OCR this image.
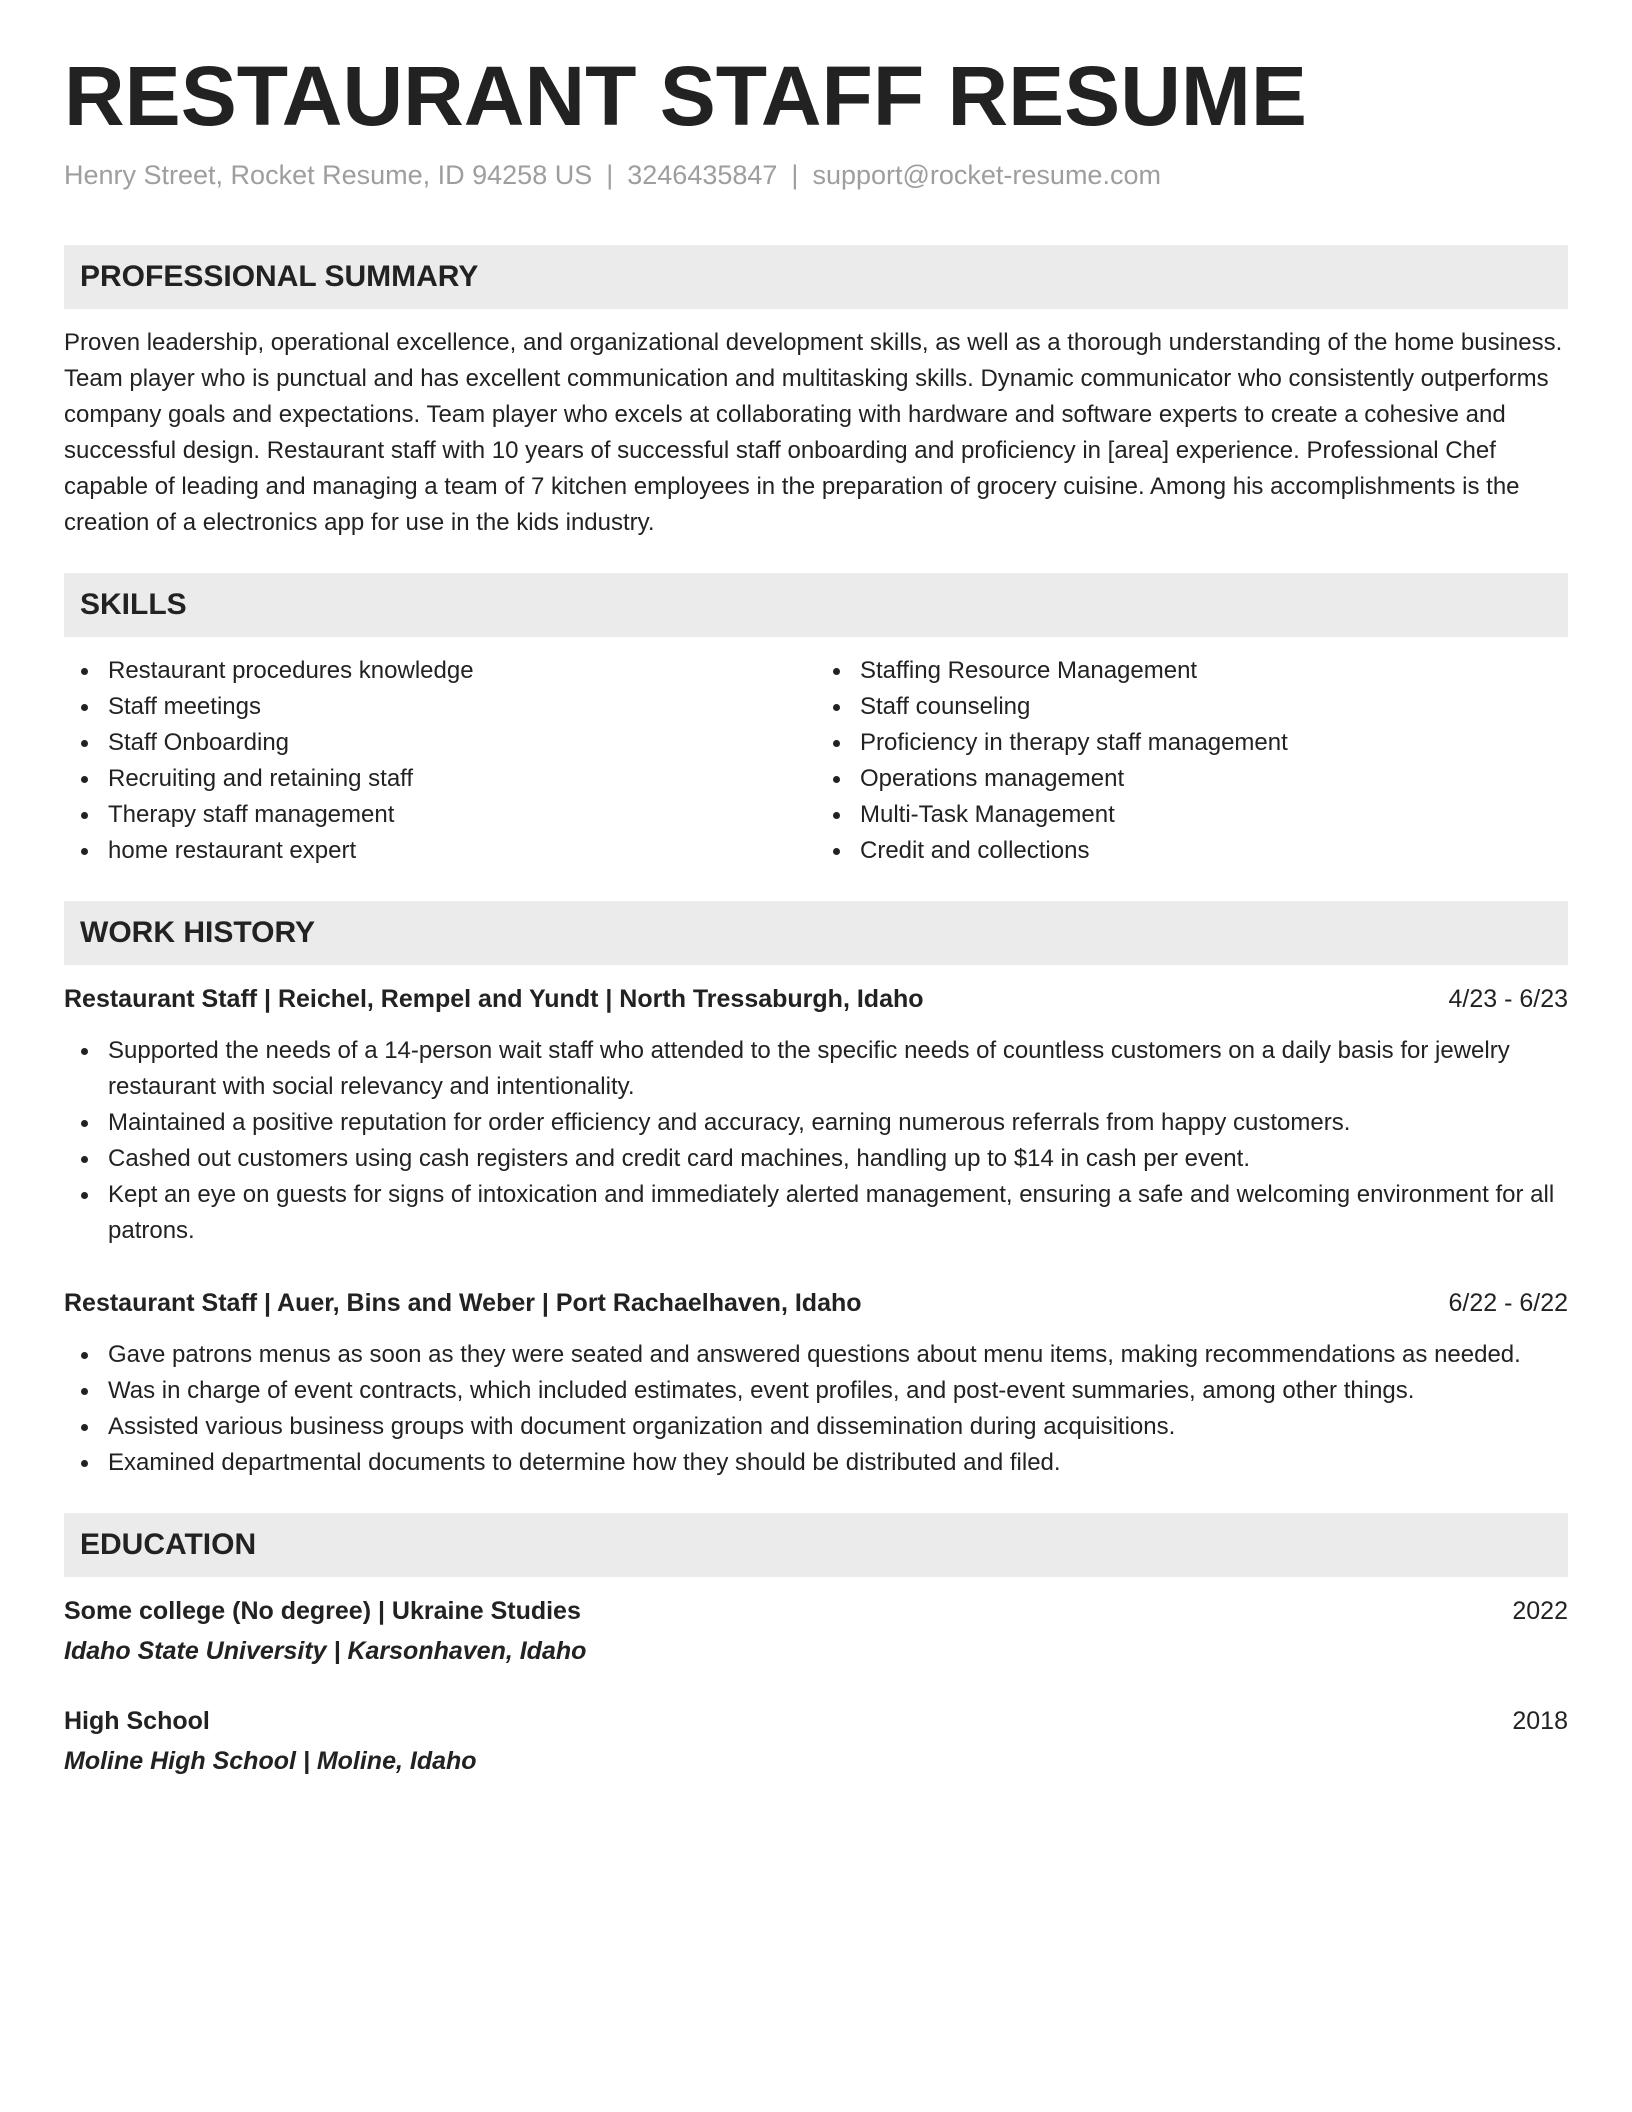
RESTAURANT STAFF RESUME
Henry Street, Rocket Resume, ID 94258 US | 3246435847 | support@rocket-resume.com
PROFESSIONAL SUMMARY
Proven leadership, operational excellence, and organizational development skills, as well as a thorough understanding of the home business. Team player who is punctual and has excellent communication and multitasking skills. Dynamic communicator who consistently outperforms company goals and expectations. Team player who excels at collaborating with hardware and software experts to create a cohesive and successful design. Restaurant staff with 10 years of successful staff onboarding and proficiency in [area] experience. Professional Chef capable of leading and managing a team of 7 kitchen employees in the preparation of grocery cuisine. Among his accomplishments is the creation of a electronics app for use in the kids industry.
SKILLS
Restaurant procedures knowledge
Staff meetings
Staff Onboarding
Recruiting and retaining staff
Therapy staff management
home restaurant expert
Staffing Resource Management
Staff counseling
Proficiency in therapy staff management
Operations management
Multi-Task Management
Credit and collections
WORK HISTORY
Restaurant Staff | Reichel, Rempel and Yundt | North Tressaburgh, Idaho	4/23 - 6/23
Supported the needs of a 14-person wait staff who attended to the specific needs of countless customers on a daily basis for jewelry restaurant with social relevancy and intentionality.
Maintained a positive reputation for order efficiency and accuracy, earning numerous referrals from happy customers.
Cashed out customers using cash registers and credit card machines, handling up to $14 in cash per event.
Kept an eye on guests for signs of intoxication and immediately alerted management, ensuring a safe and welcoming environment for all patrons.
Restaurant Staff | Auer, Bins and Weber | Port Rachaelhaven, Idaho	6/22 - 6/22
Gave patrons menus as soon as they were seated and answered questions about menu items, making recommendations as needed.
Was in charge of event contracts, which included estimates, event profiles, and post-event summaries, among other things.
Assisted various business groups with document organization and dissemination during acquisitions.
Examined departmental documents to determine how they should be distributed and filed.
EDUCATION
Some college (No degree) | Ukraine Studies	2022
Idaho State University | Karsonhaven, Idaho
High School	2018
Moline High School | Moline, Idaho
